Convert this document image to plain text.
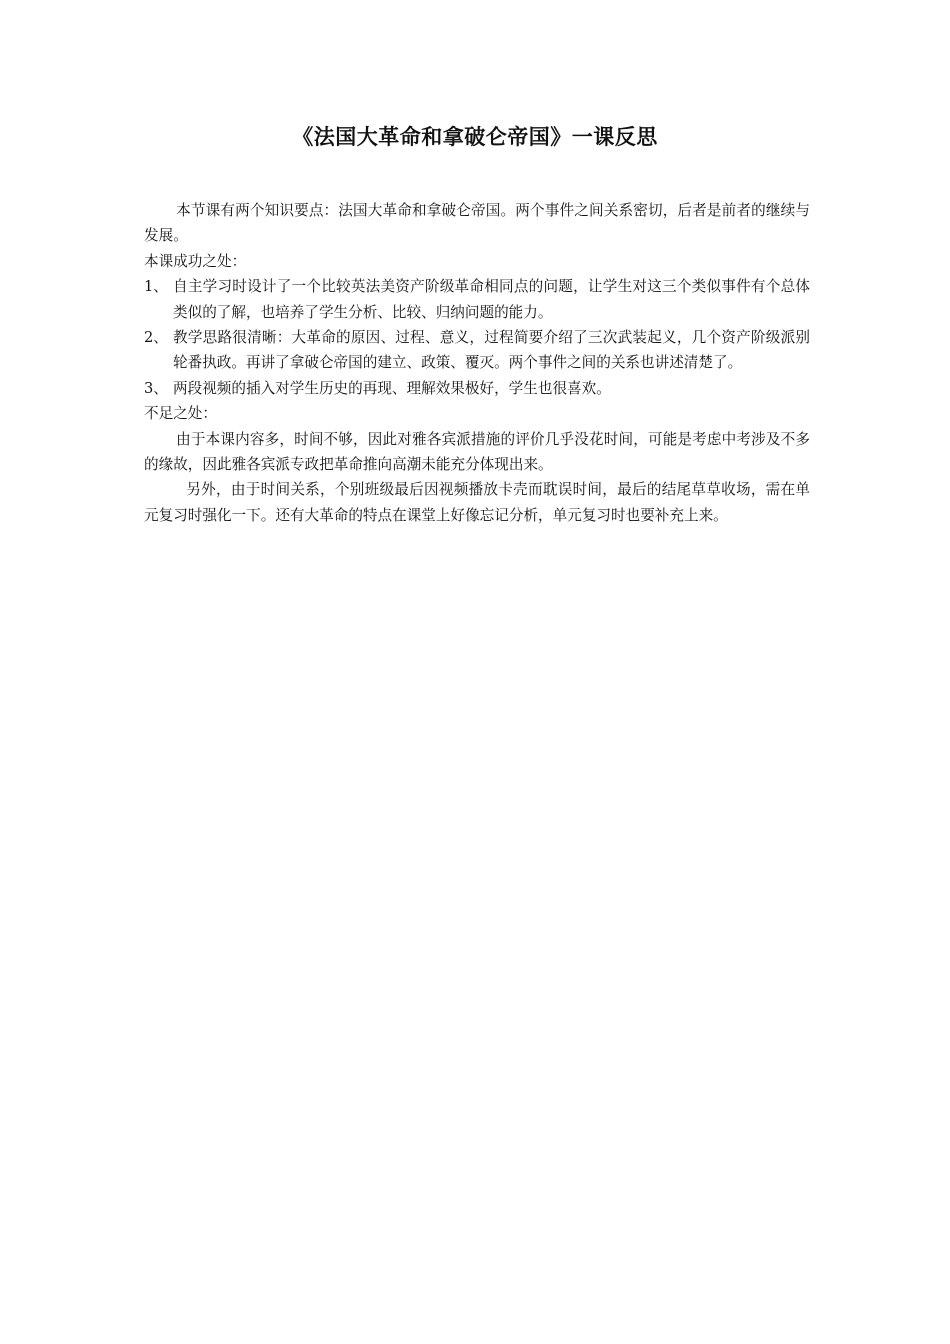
《法国大革命和拿破仑帝国》一课反思

本节课有两个知识要点：法国大革命和拿破仑帝国。两个事件之间关系密切，后者是前者的继续与发展。

本课成功之处：

1、 自主学习时设计了一个比较英法美资产阶级革命相同点的问题，让学生对这三个类似事件有个总体类似的了解，也培养了学生分析、比较、归纳问题的能力。
2、 教学思路很清晰：大革命的原因、过程、意义，过程简要介绍了三次武装起义，几个资产阶级派别轮番执政。再讲了拿破仑帝国的建立、政策、覆灭。两个事件之间的关系也讲述清楚了。
3、 两段视频的插入对学生历史的再现、理解效果极好，学生也很喜欢。

不足之处：

由于本课内容多，时间不够，因此对雅各宾派措施的评价几乎没花时间，可能是考虑中考涉及不多的缘故，因此雅各宾派专政把革命推向高潮未能充分体现出来。

另外，由于时间关系，个别班级最后因视频播放卡壳而耽误时间，最后的结尾草草收场，需在单元复习时强化一下。还有大革命的特点在课堂上好像忘记分析，单元复习时也要补充上来。
